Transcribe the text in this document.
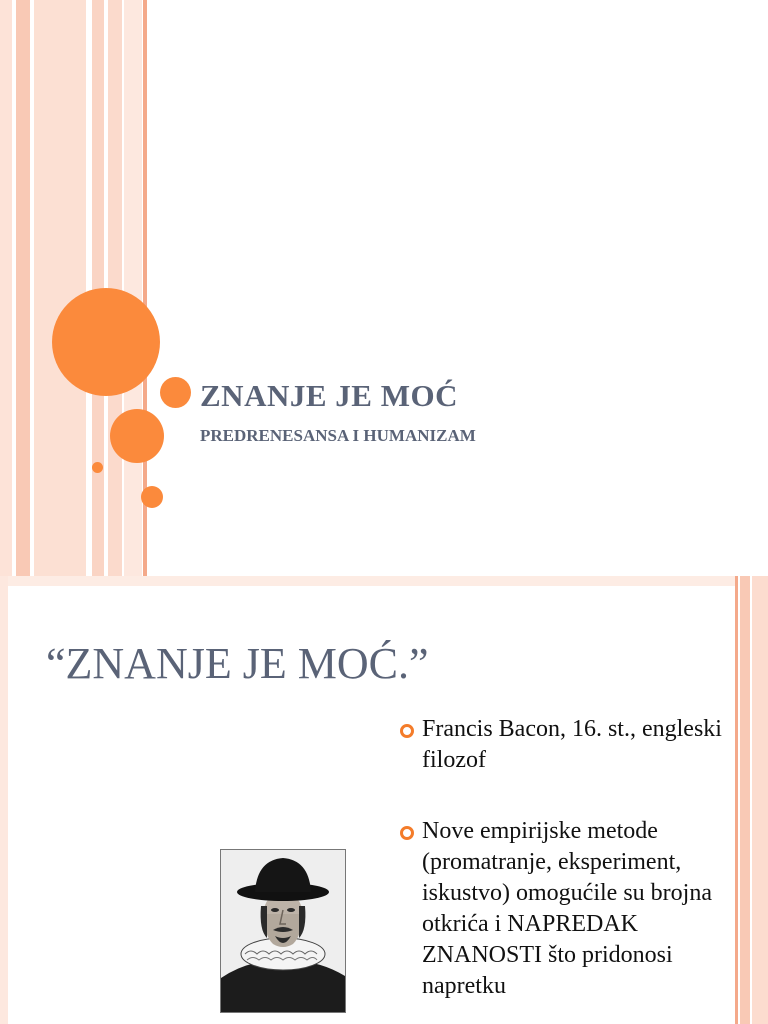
ZNANJE JE MOĆ
PREDRENESANSA I HUMANIZAM
“ZNANJE JE MOĆ.”
Francis Bacon, 16. st., engleski filozof
Nove empirijske metode (promatranje, eksperiment, iskustvo) omogućile su brojna otkrića i NAPREDAK ZNANOSTI što pridonosi napretku
